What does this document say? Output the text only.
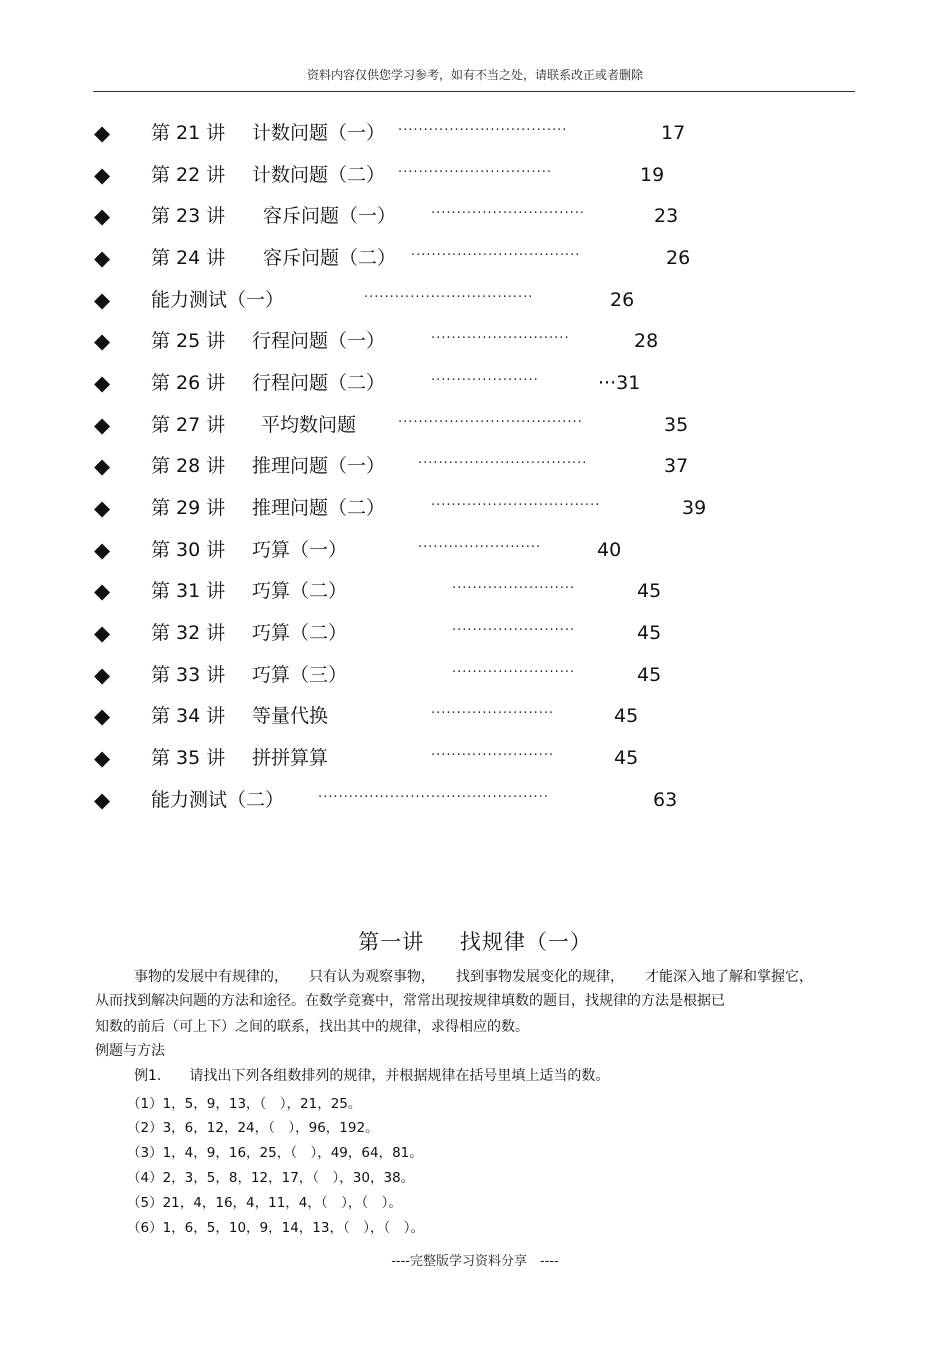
资料内容仅供您学习参考，如有不当之处，请联系改正或者删除
◆ 第 21 讲 计数问题（一） ·································	17
◆ 第 22 讲 计数问题（二） ······························	19
◆ 第 23 讲 容斥问题（一）	······························	23
◆ 第 24 讲 容斥问题（二） ·································	26
◆ 能力测试（一）	·································	26
◆ 第 25 讲 行程问题（一）	···························	28
◆ 第 26 讲 行程问题（二）	·····················	···31
◆ 第 27 讲 平均数问题	····································	35
◆ 第 28 讲 推理问题（一）	·································	37
◆ 第 29 讲 推理问题（二）	·································	39
◆ 第 30 讲 巧算（一）	························	40
◆ 第 31 讲 巧算（二）	························	45
◆ 第 32 讲 巧算（二）	························	45
◆ 第 33 讲 巧算（三）	························	45
◆ 第 34 讲 等量代换	························	45
◆ 第 35 讲 拼拼算算	························	45
◆ 能力测试（二）	·············································	63
第一讲 找规律（一）
事物的发展中有规律的，　　只有认为观察事物，　　找到事物发展变化的规律，　　才能深入地了解和掌握它，
从而找到解决问题的方法和途径。在数学竞赛中，常常出现按规律填数的题目，找规律的方法是根据已
知数的前后（可上下）之间的联系，找出其中的规律，求得相应的数。
例题与方法
例1.　　请找出下列各组数排列的规律，并根据规律在括号里填上适当的数。
（1）1，5，9，13，（　），21，25。
（2）3，6，12，24，（　），96，192。
（3）1，4，9，16，25，（　），49，64，81。
（4）2，3，5，8，12，17，（　），30，38。
（5）21，4，16，4，11，4，（　），（　）。
（6）1，6，5，10，9，14，13，（　），（　）。
----完整版学习资料分享　----
